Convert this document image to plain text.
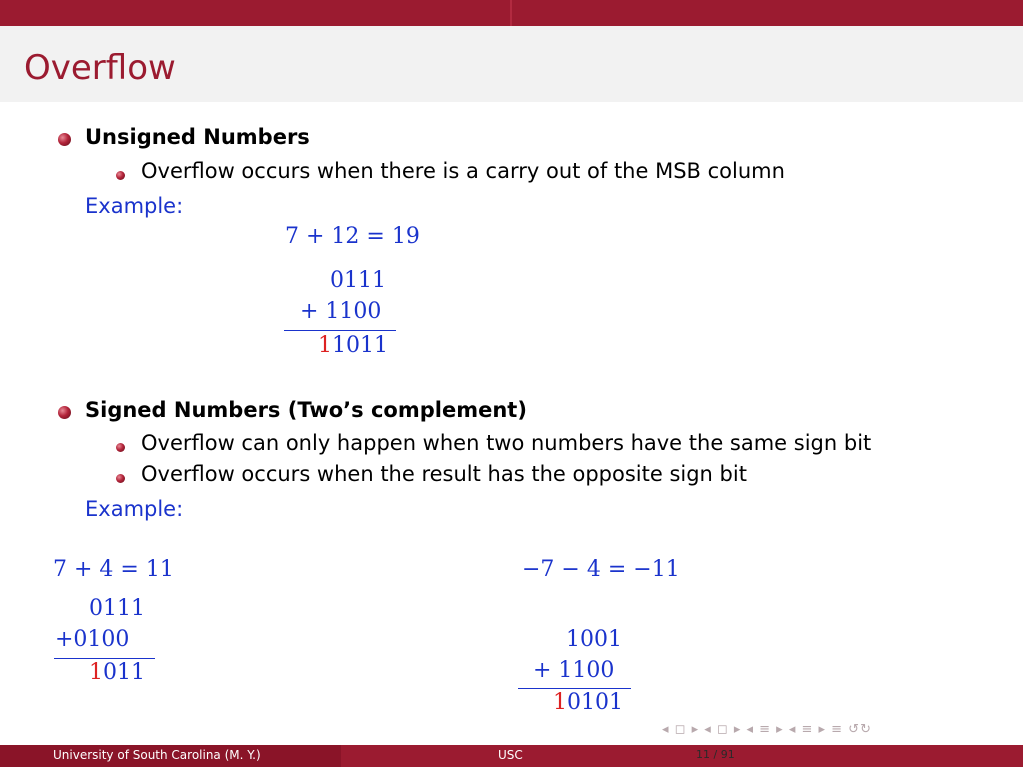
Overflow
Unsigned Numbers
Overflow occurs when there is a carry out of the MSB column
Example:
7 + 12 = 19
0111
+ 1100
11011
Signed Numbers (Two’s complement)
Overflow can only happen when two numbers have the same sign bit
Overflow occurs when the result has the opposite sign bit
Example:
7 + 4 = 11
0111
+0100
1011
−7 − 4 = −11
1001
+ 1100
10101
◂ ◻ ▸ ◂ ◻ ▸ ◂ ≡ ▸ ◂ ≡ ▸ ≡ ↺↻
University of South Carolina (M. Y.)	USC	11 / 91
